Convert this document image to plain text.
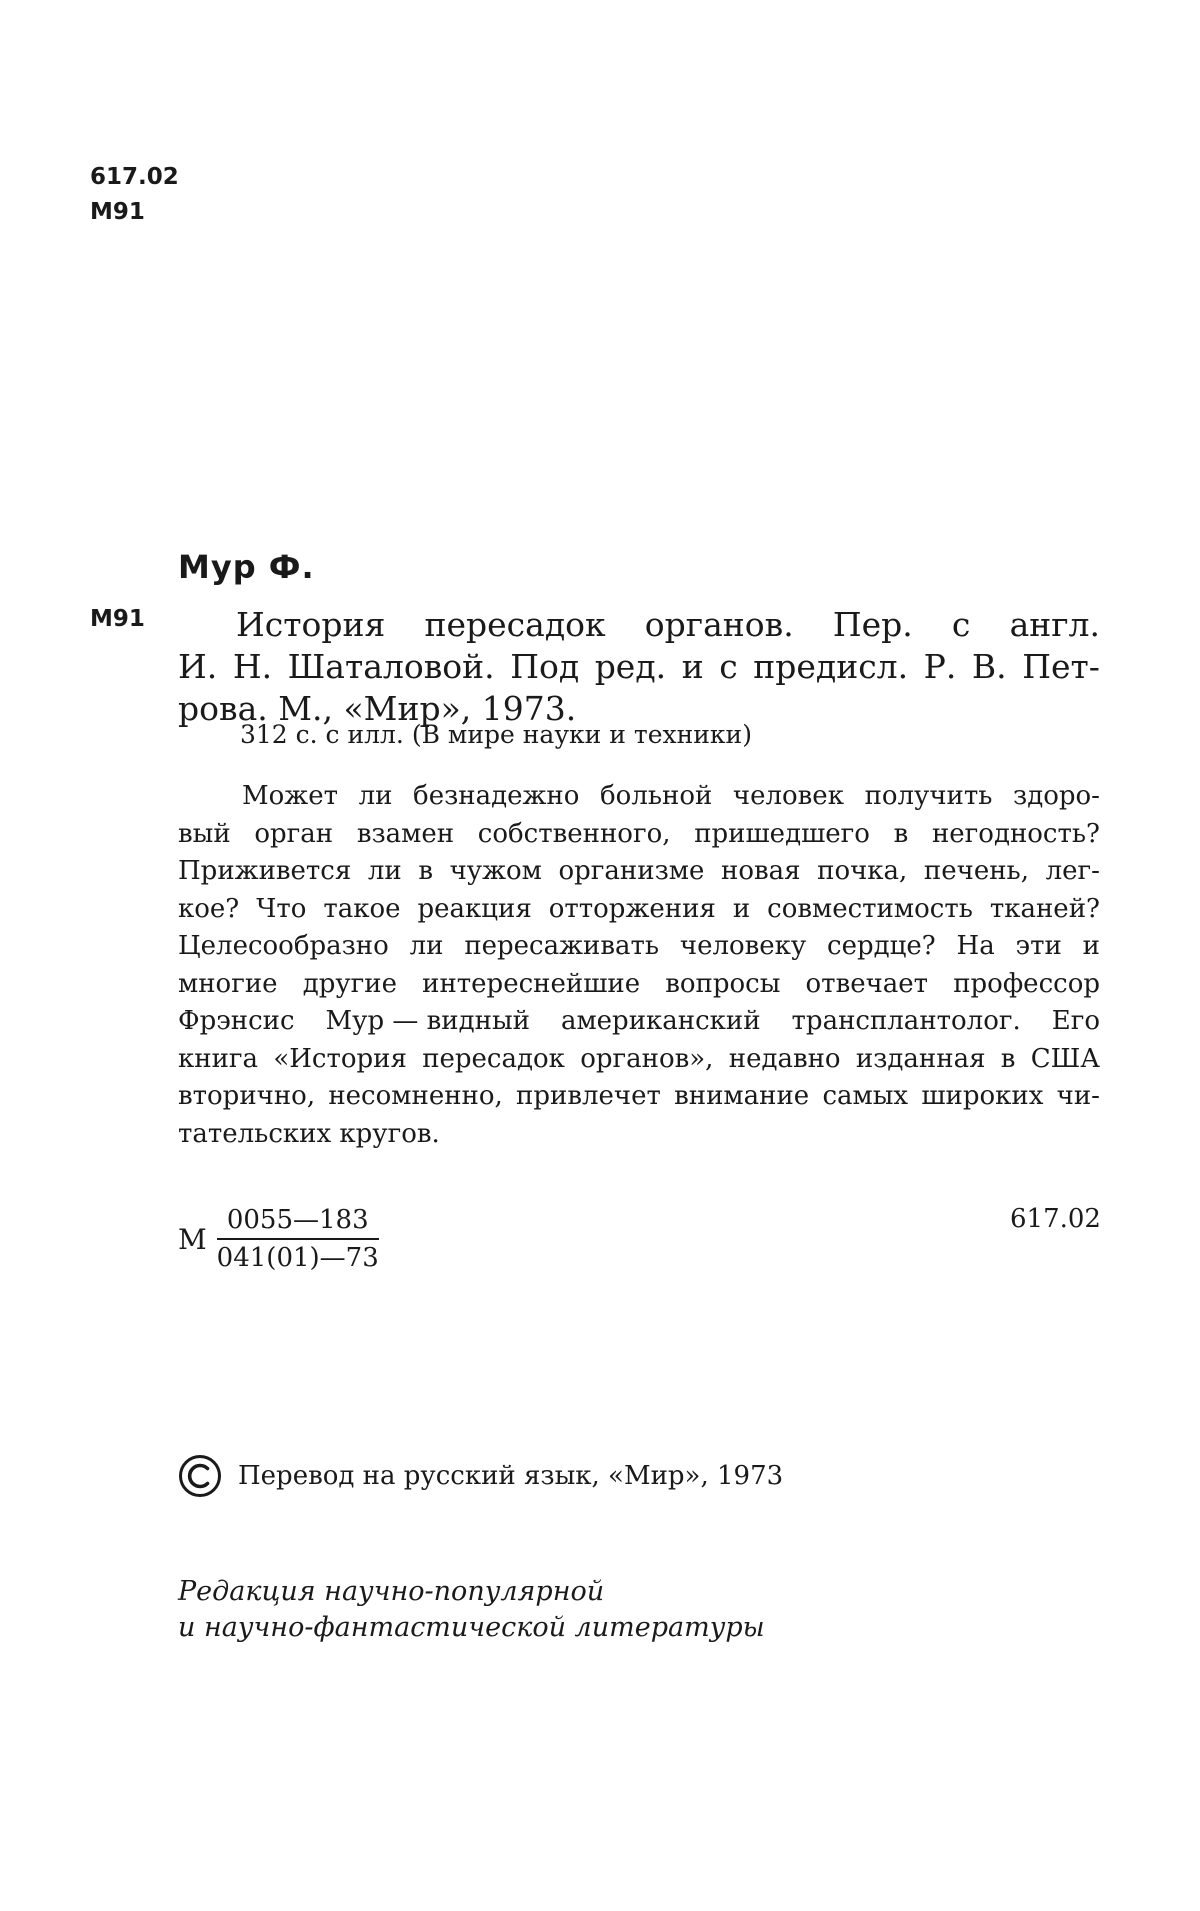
617.02
М91
Мур Ф.
М91	История пересадок органов. Пер. с англ.
И. Н. Шаталовой. Под ред. и с предисл. Р. В. Пет-
рова. М., «Мир», 1973.
312 с. с илл. (В мире науки и техники)
Может ли безнадежно больной человек получить здоро-
вый орган взамен собственного, пришедшего в негодность?
Приживется ли в чужом организме новая почка, печень, лег-
кое? Что такое реакция отторжения и совместимость тканей?
Целесообразно ли пересаживать человеку сердце? На эти и
многие другие интереснейшие вопросы отвечает профессор
Фрэнсис Мур — видный американский трансплантолог. Его
книга «История пересадок органов», недавно изданная в США
вторично, несомненно, привлечет внимание самых широких чи-
тательских кругов.
М $\frac{0055—183}{041(01)—73}$	617.02
Перевод на русский язык, «Мир», 1973
Редакция научно-популярной
и научно-фантастической литературы
